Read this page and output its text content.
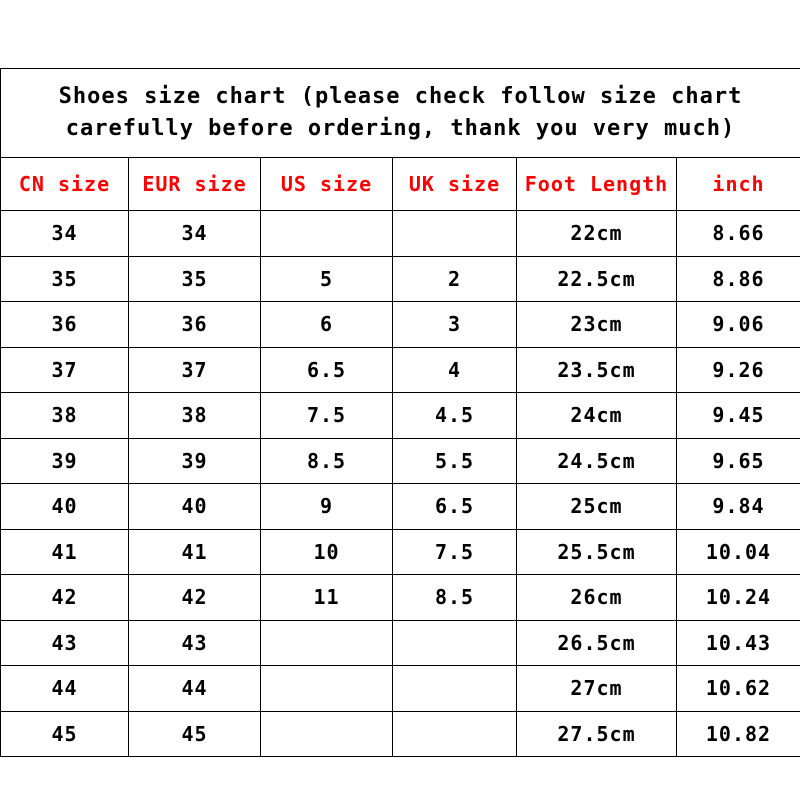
Shoes size chart (please check follow size chart
carefully before ordering, thank you very much)					

CN size	EUR size	US size	UK size	Foot Length	inch
34	34			22cm	8.66
35	35	5	2	22.5cm	8.86
36	36	6	3	23cm	9.06
37	37	6.5	4	23.5cm	9.26
38	38	7.5	4.5	24cm	9.45
39	39	8.5	5.5	24.5cm	9.65
40	40	9	6.5	25cm	9.84
41	41	10	7.5	25.5cm	10.04
42	42	11	8.5	26cm	10.24
43	43			26.5cm	10.43
44	44			27cm	10.62
45	45			27.5cm	10.82
